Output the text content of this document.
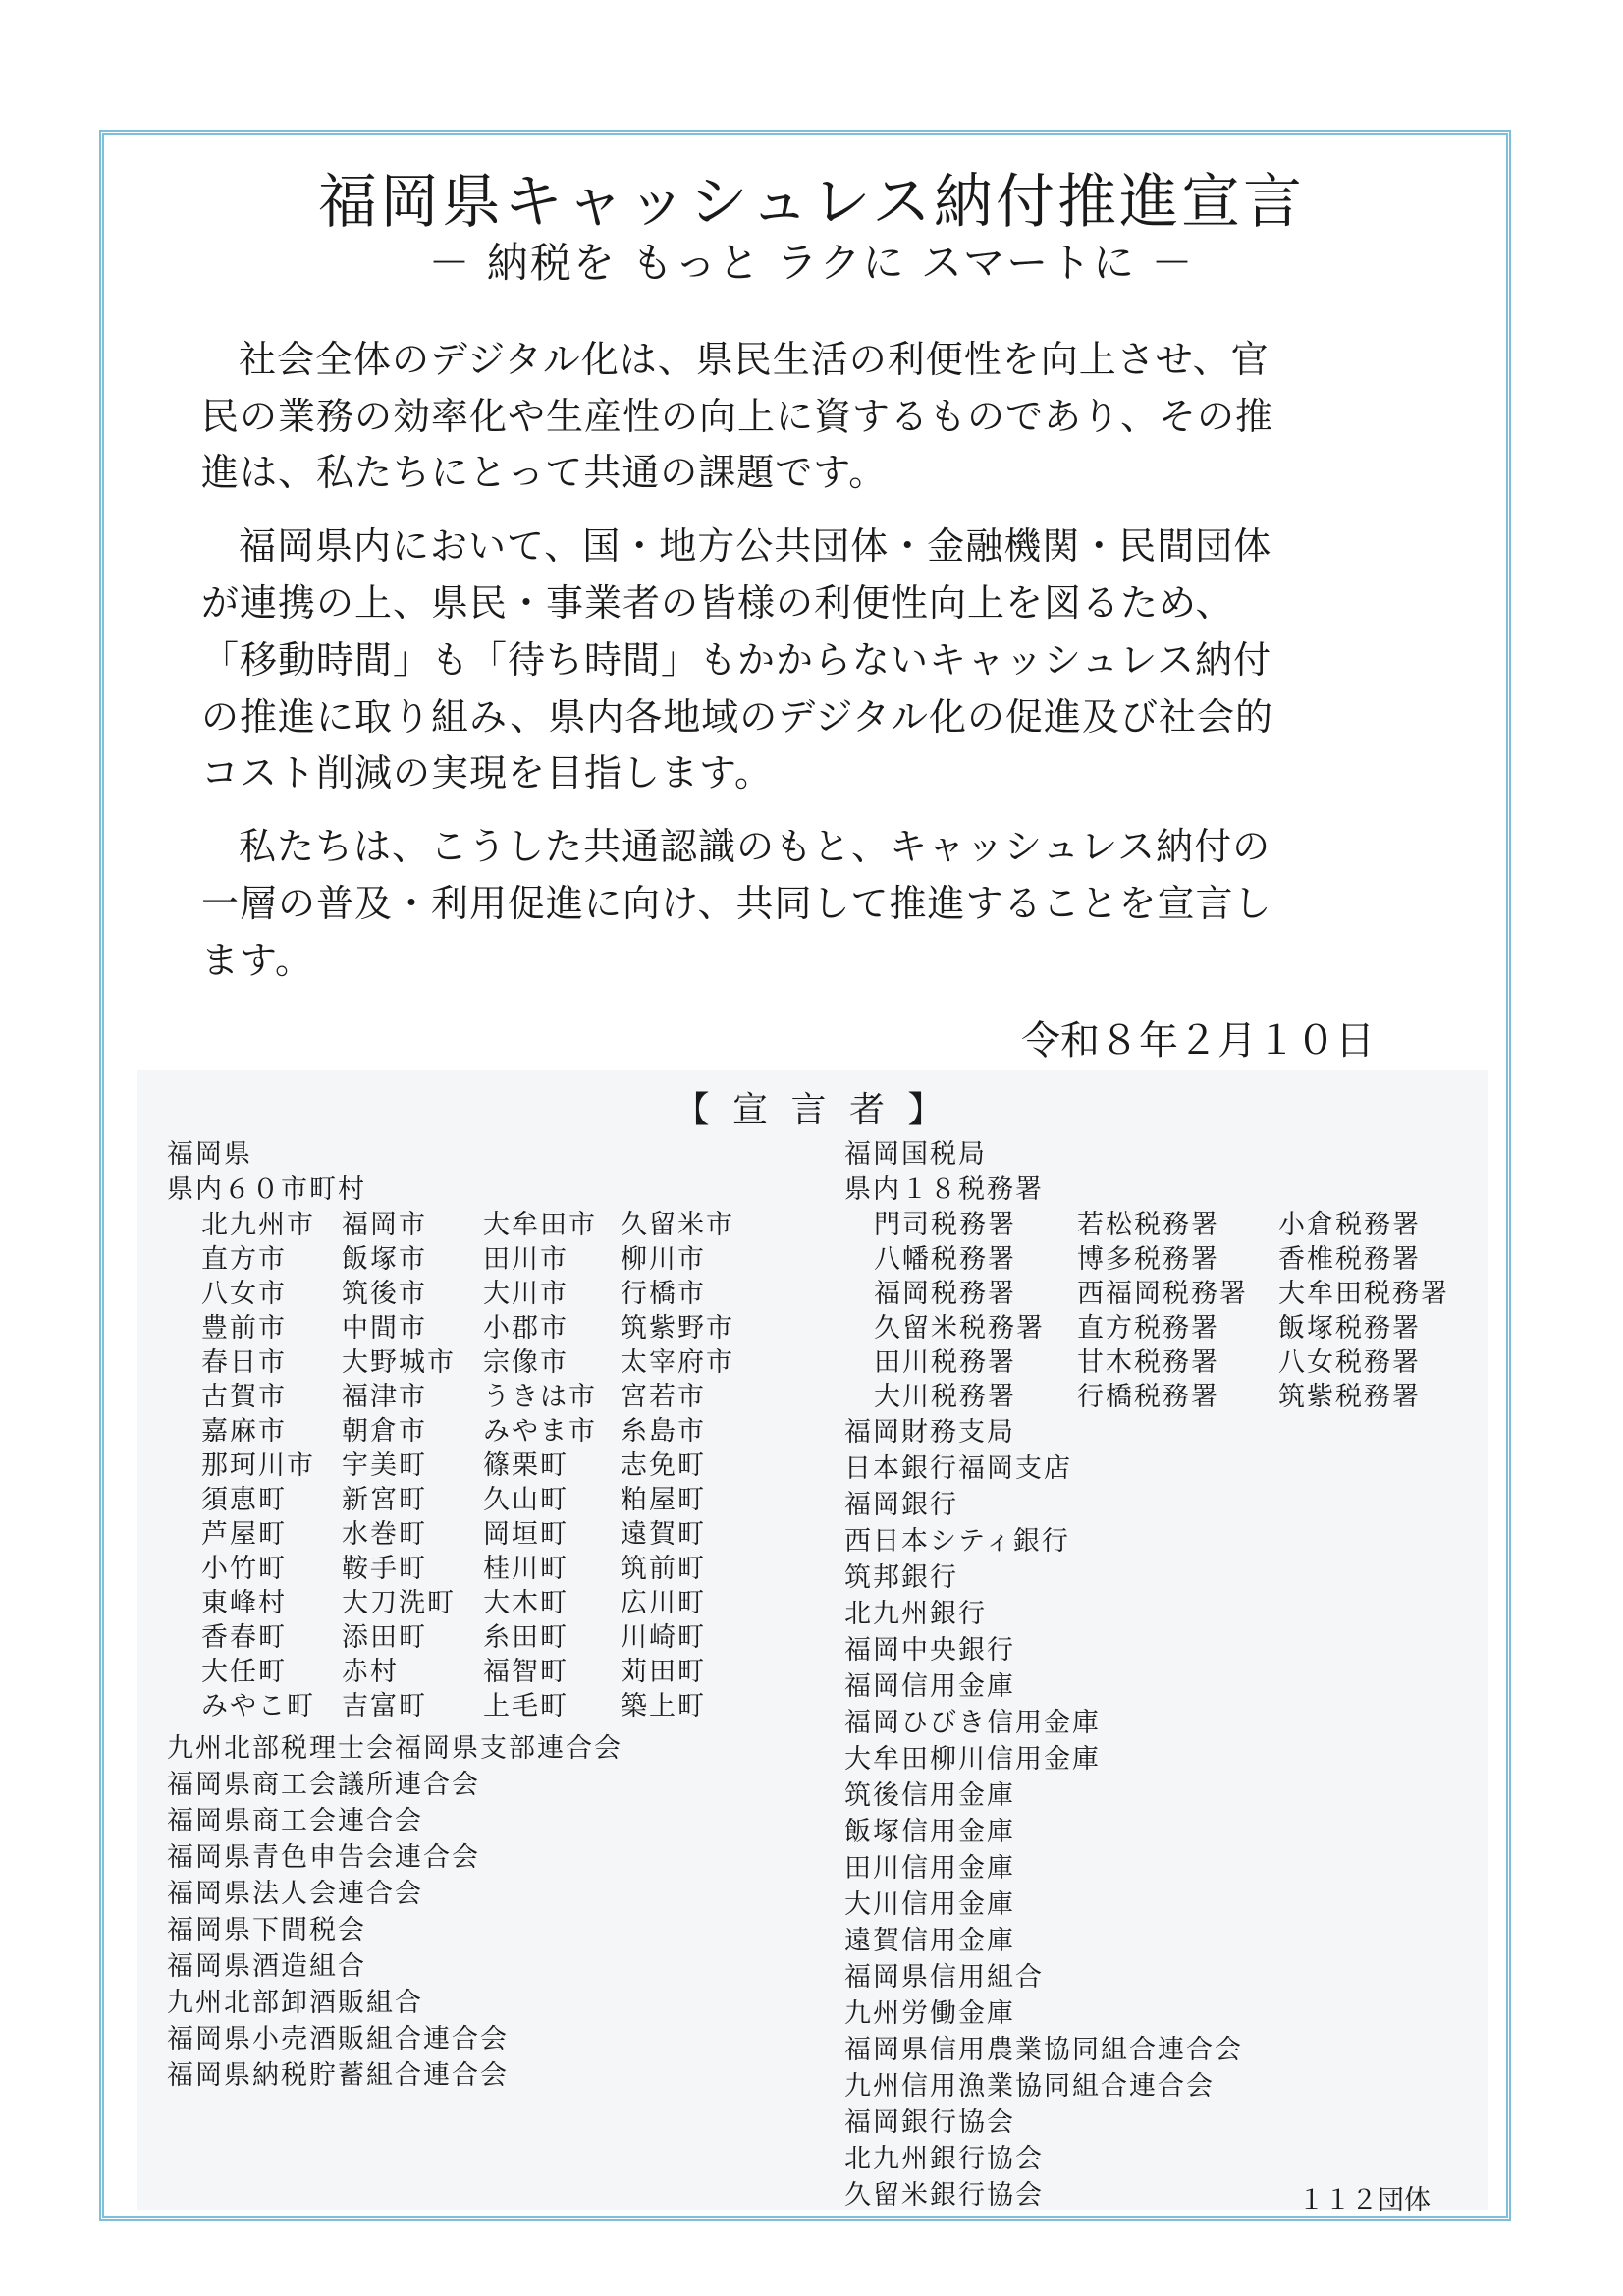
福岡県キャッシュレス納付推進宣言
－ 納税を もっと ラクに スマートに －
社会全体のデジタル化は、県民生活の利便性を向上させ、官
民の業務の効率化や生産性の向上に資するものであり、その推
進は、私たちにとって共通の課題です。
福岡県内において、国・地方公共団体・金融機関・民間団体
が連携の上、県民・事業者の皆様の利便性向上を図るため、
「移動時間」も「待ち時間」もかからないキャッシュレス納付
の推進に取り組み、県内各地域のデジタル化の促進及び社会的
コスト削減の実現を目指します。
私たちは、こうした共通認識のもと、キャッシュレス納付の
一層の普及・利用促進に向け、共同して推進することを宣言し
ます。
令和８年２月１０日
【 宣 言 者 】
福岡県
県内６０市町村
北九州市 福岡市 大牟田市 久留米市
直方市 飯塚市 田川市 柳川市
八女市 筑後市 大川市 行橋市
豊前市 中間市 小郡市 筑紫野市
春日市 大野城市 宗像市 太宰府市
古賀市 福津市 うきは市 宮若市
嘉麻市 朝倉市 みやま市 糸島市
那珂川市 宇美町 篠栗町 志免町
須恵町 新宮町 久山町 粕屋町
芦屋町 水巻町 岡垣町 遠賀町
小竹町 鞍手町 桂川町 筑前町
東峰村 大刀洗町 大木町 広川町
香春町 添田町 糸田町 川崎町
大任町 赤村	福智町 苅田町
みやこ町 吉富町 上毛町 築上町
九州北部税理士会福岡県支部連合会
福岡県商工会議所連合会
福岡県商工会連合会
福岡県青色申告会連合会
福岡県法人会連合会
福岡県下間税会
福岡県酒造組合
九州北部卸酒販組合
福岡県小売酒販組合連合会
福岡県納税貯蓄組合連合会
福岡国税局
県内１８税務署
門司税務署 若松税務署 小倉税務署
八幡税務署 博多税務署 香椎税務署
福岡税務署 西福岡税務署 大牟田税務署
久留米税務署 直方税務署 飯塚税務署
田川税務署 甘木税務署 八女税務署
大川税務署 行橋税務署 筑紫税務署
福岡財務支局
日本銀行福岡支店
福岡銀行
西日本シティ銀行
筑邦銀行
北九州銀行
福岡中央銀行
福岡信用金庫
福岡ひびき信用金庫
大牟田柳川信用金庫
筑後信用金庫
飯塚信用金庫
田川信用金庫
大川信用金庫
遠賀信用金庫
福岡県信用組合
九州労働金庫
福岡県信用農業協同組合連合会
九州信用漁業協同組合連合会
福岡銀行協会
北九州銀行協会
久留米銀行協会	１１２団体
